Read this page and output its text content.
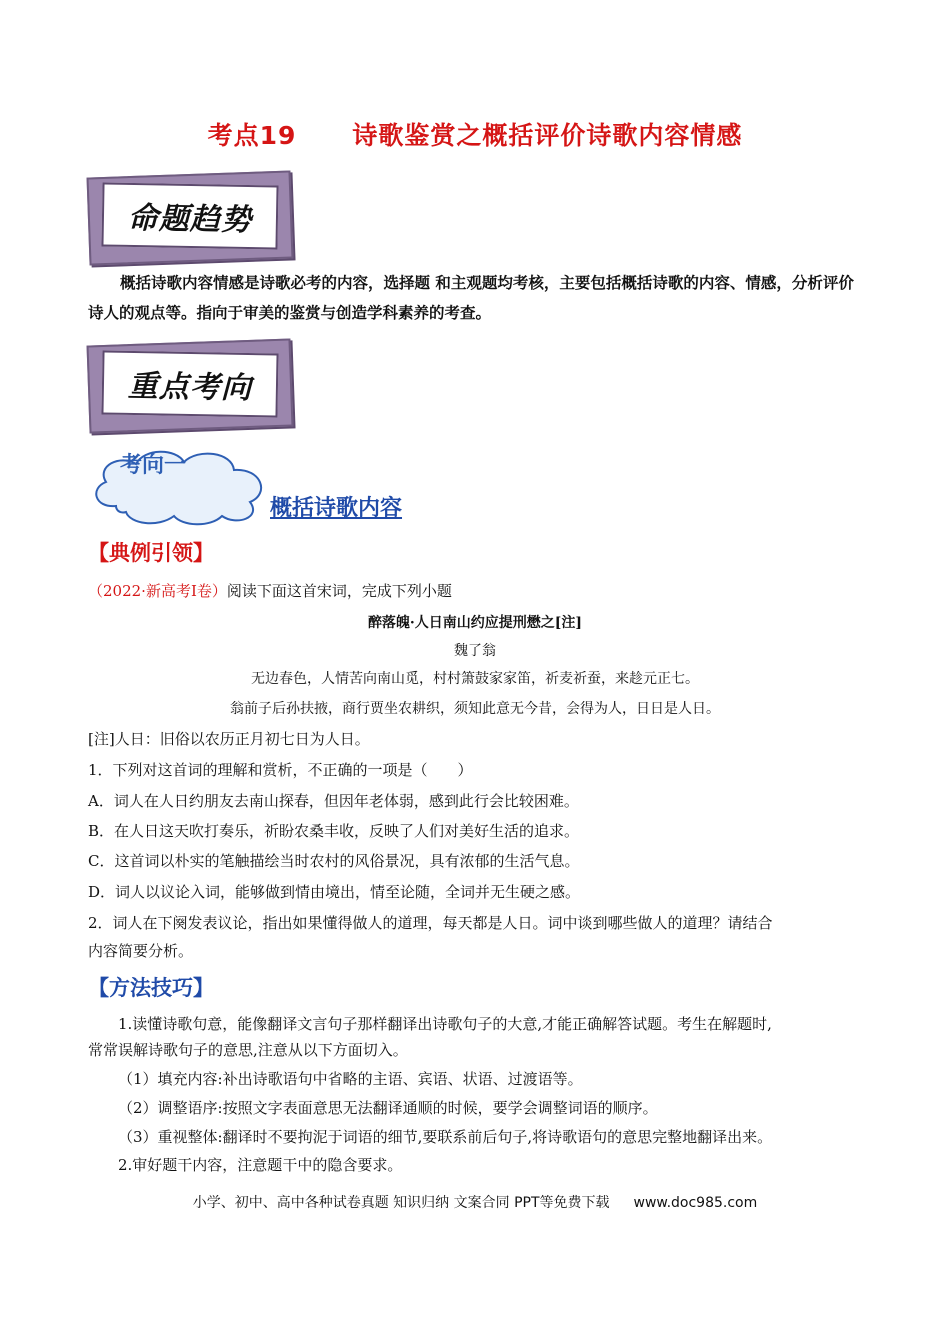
考点19 诗歌鉴赏之概括评价诗歌内容情感
命题趋势
概括诗歌内容情感是诗歌必考的内容，选择题 和主观题均考核，主要包括概括诗歌的内容、情感，分析评价诗人的观点等。指向于审美的鉴赏与创造学科素养的考查。
重点考向
考向一
概括诗歌内容
【典例引领】
（2022·新高考Ⅰ卷）阅读下面这首宋词，完成下列小题
醉落魄·人日南山约应提刑懋之[注]
魏了翁
无边春色，人情苦向南山觅，村村箫鼓家家笛，祈麦祈蚕，来趁元正七。
翁前子后孙扶掖，商行贾坐农耕织，须知此意无今昔，会得为人，日日是人日。
[注]人日：旧俗以农历正月初七日为人日。
1．下列对这首词的理解和赏析，不正确的一项是（　　）
A．词人在人日约朋友去南山探春，但因年老体弱，感到此行会比较困难。
B．在人日这天吹打奏乐，祈盼农桑丰收，反映了人们对美好生活的追求。
C．这首词以朴实的笔触描绘当时农村的风俗景况，具有浓郁的生活气息。
D．词人以议论入词，能够做到情由境出，情至论随，全词并无生硬之感。
2．词人在下阕发表议论，指出如果懂得做人的道理，每天都是人日。词中谈到哪些做人的道理？请结合
内容简要分析。
【方法技巧】
1.读懂诗歌句意，能像翻译文言句子那样翻译出诗歌句子的大意,才能正确解答试题。考生在解题时,
常常误解诗歌句子的意思,注意从以下方面切入。
（1）填充内容:补出诗歌语句中省略的主语、宾语、状语、过渡语等。
（2）调整语序:按照文字表面意思无法翻译通顺的时候，要学会调整词语的顺序。
（3）重视整体:翻译时不要拘泥于词语的细节,要联系前后句子,将诗歌语句的意思完整地翻译出来。
2.审好题干内容，注意题干中的隐含要求。
小学、初中、高中各种试卷真题 知识归纳 文案合同 PPT等免费下载 www.doc985.com
